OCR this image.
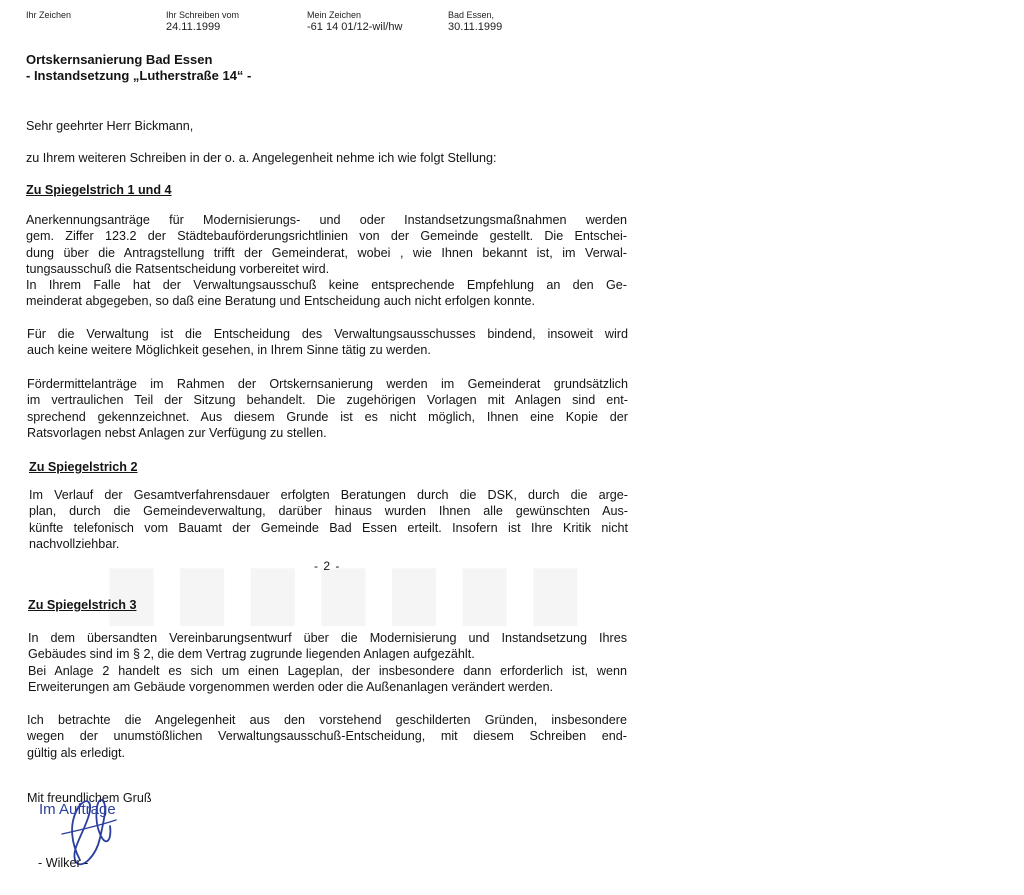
Ihr Zeichen	Ihr Schreiben vom
24.11.1999
Mein Zeichen
-61 14 01/12-wil/hw
Bad Essen,
30.11.1999
Ortskernsanierung Bad Essen
- Instandsetzung „Lutherstraße 14“ -
Sehr geehrter Herr Bickmann,
zu Ihrem weiteren Schreiben in der o. a. Angelegenheit nehme ich wie folgt Stellung:
Zu Spiegelstrich 1 und 4
Anerkennungsanträge für Modernisierungs- und oder Instandsetzungsmaßnahmen werden
gem. Ziffer 123.2 der Städtebauförderungsrichtlinien von der Gemeinde gestellt. Die Entschei-
dung über die Antragstellung trifft der Gemeinderat, wobei , wie Ihnen bekannt ist, im Verwal-
tungsausschuß die Ratsentscheidung vorbereitet wird.
In Ihrem Falle hat der Verwaltungsausschuß keine entsprechende Empfehlung an den Ge-
meinderat abgegeben, so daß eine Beratung und Entscheidung auch nicht erfolgen konnte.
Für die Verwaltung ist die Entscheidung des Verwaltungsausschusses bindend, insoweit wird
auch keine weitere Möglichkeit gesehen, in Ihrem Sinne tätig zu werden.
Fördermittelanträge im Rahmen der Ortskernsanierung werden im Gemeinderat grundsätzlich
im vertraulichen Teil der Sitzung behandelt. Die zugehörigen Vorlagen mit Anlagen sind ent-
sprechend gekennzeichnet. Aus diesem Grunde ist es nicht möglich, Ihnen eine Kopie der
Ratsvorlagen nebst Anlagen zur Verfügung zu stellen.
Zu Spiegelstrich 2
Im Verlauf der Gesamtverfahrensdauer erfolgten Beratungen durch die DSK, durch die arge-
plan, durch die Gemeindeverwaltung, darüber hinaus wurden Ihnen alle gewünschten Aus-
künfte telefonisch vom Bauamt der Gemeinde Bad Essen erteilt. Insofern ist Ihre Kritik nicht
nachvollziehbar.
- 2 -
Zu Spiegelstrich 3
In dem übersandten Vereinbarungsentwurf über die Modernisierung und Instandsetzung Ihres
Gebäudes sind im § 2, die dem Vertrag zugrunde liegenden Anlagen aufgezählt.
Bei Anlage 2 handelt es sich um einen Lageplan, der insbesondere dann erforderlich ist, wenn
Erweiterungen am Gebäude vorgenommen werden oder die Außenanlagen verändert werden.
Ich betrachte die Angelegenheit aus den vorstehend geschilderten Gründen, insbesondere
wegen der unumstößlichen Verwaltungsausschuß-Entscheidung, mit diesem Schreiben end-
gültig als erledigt.
Mit freundlichem Gruß
Im Auftrage
- Wilker -
